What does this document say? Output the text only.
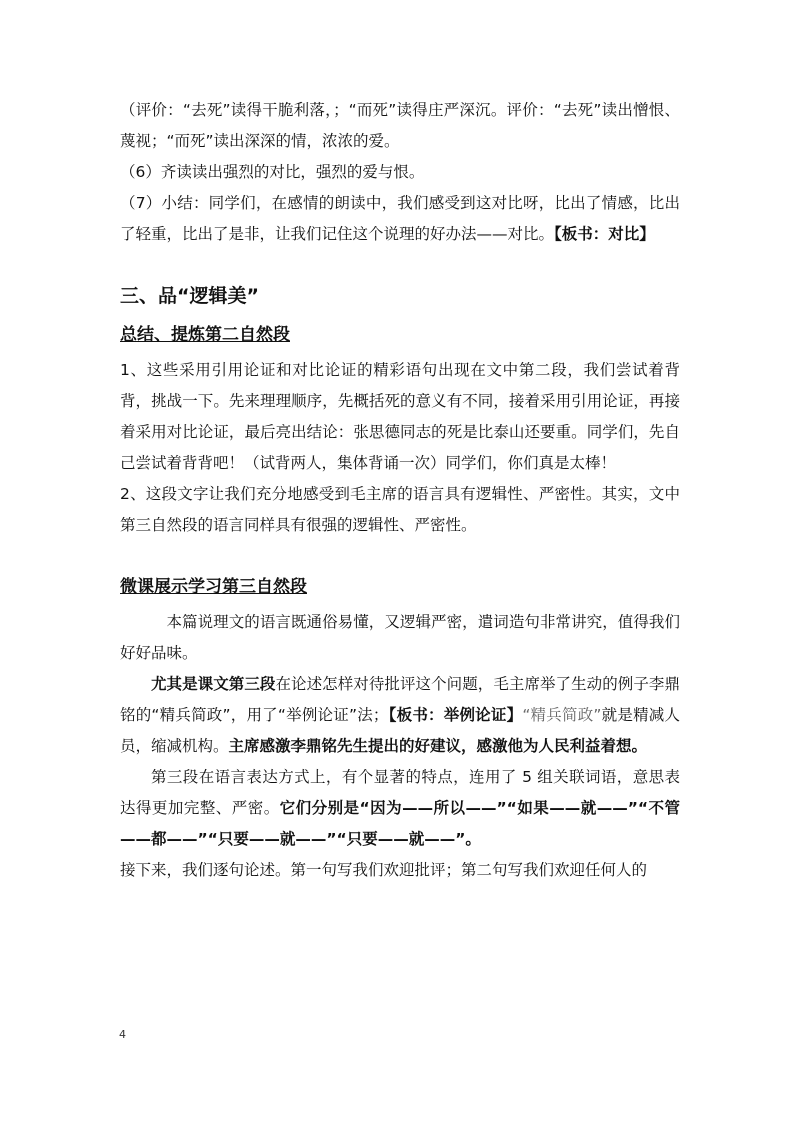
（评价：“去死”读得干脆利落，；“而死”读得庄严深沉。评价：“去死”读出憎恨、蔑视；“而死”读出深深的情，浓浓的爱。

（6）齐读读出强烈的对比，强烈的爱与恨。

（7）小结：同学们，在感情的朗读中，我们感受到这对比呀，比出了情感，比出了轻重，比出了是非，让我们记住这个说理的好办法——对比。【板书：对比】

三、品“逻辑美”

总结、提炼第二自然段

1、这些采用引用论证和对比论证的精彩语句出现在文中第二段，我们尝试着背背，挑战一下。先来理理顺序，先概括死的意义有不同，接着采用引用论证，再接着采用对比论证，最后亮出结论：张思德同志的死是比泰山还要重。同学们，先自己尝试着背背吧！（试背两人，集体背诵一次）同学们，你们真是太棒！

2、这段文字让我们充分地感受到毛主席的语言具有逻辑性、严密性。其实，文中第三自然段的语言同样具有很强的逻辑性、严密性。

微课展示学习第三自然段

本篇说理文的语言既通俗易懂，又逻辑严密，遣词造句非常讲究，值得我们好好品味。

尤其是课文第三段在论述怎样对待批评这个问题，毛主席举了生动的例子李鼎铭的“精兵简政”，用了“举例论证”法；【板书：举例论证】“精兵简政”就是精减人员，缩减机构。主席感激李鼎铭先生提出的好建议，感激他为人民利益着想。

第三段在语言表达方式上，有个显著的特点，连用了 5 组关联词语，意思表达得更加完整、严密。它们分别是“因为——所以——”“如果——就——”“不管——都——”“只要——就——”“只要——就——”。

接下来，我们逐句论述。第一句写我们欢迎批评；第二句写我们欢迎任何人的

4
